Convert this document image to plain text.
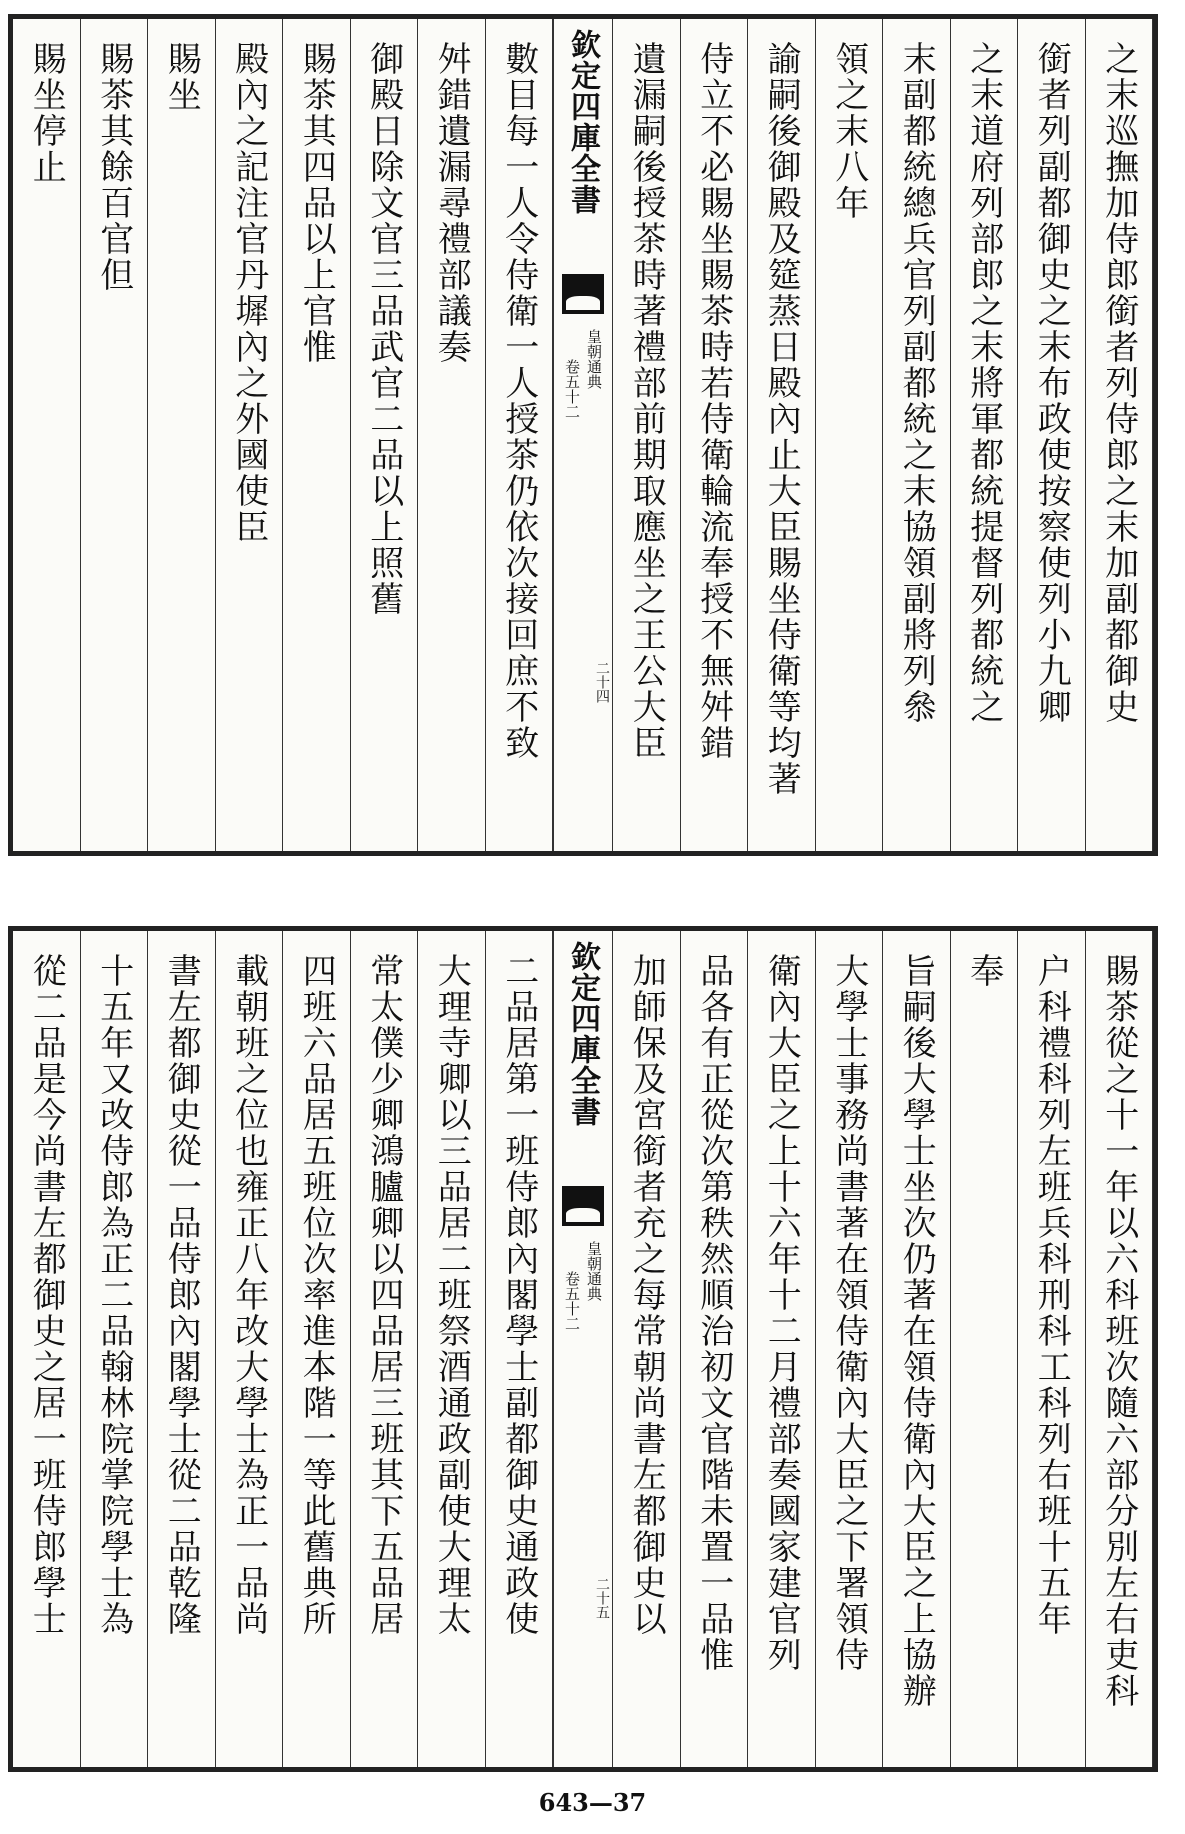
之末巡撫加侍郎銜者列侍郎之末加副都御史
銜者列副都御史之末布政使按察使列小九卿
之末道府列部郎之末將軍都統提督列都統之
末副都統總兵官列副都統之末協領副將列叅
領之末八年
諭嗣後御殿及筵蒸日殿內止大臣賜坐侍衛等均著
侍立不必賜坐賜茶時若侍衛輪流奉授不無舛錯
遺漏嗣後授茶時著禮部前期取應坐之王公大臣
欽定四庫全書
皇朝通典
卷五十二
二十四
數目每一人令侍衛一人授茶仍依次接回庶不致
舛錯遺漏尋禮部議奏
御殿日除文官三品武官二品以上照舊
賜茶其四品以上官惟
殿內之記注官丹墀內之外國使臣
賜坐
賜茶其餘百官但
賜坐停止
賜茶從之十一年以六科班次隨六部分別左右吏科
户科禮科列左班兵科刑科工科列右班十五年
奉
旨嗣後大學士坐次仍著在領侍衛內大臣之上協辦
大學士事務尚書著在領侍衛內大臣之下署領侍
衛內大臣之上十六年十二月禮部奏國家建官列
品各有正從次第秩然順治初文官階未置一品惟
加師保及宮銜者充之每常朝尚書左都御史以
欽定四庫全書
皇朝通典
卷五十二
二十五
二品居第一班侍郎內閣學士副都御史通政使
大理寺卿以三品居二班祭酒通政副使大理太
常太僕少卿鴻臚卿以四品居三班其下五品居
四班六品居五班位次率進本階一等此舊典所
載朝班之位也雍正八年改大學士為正一品尚
書左都御史從一品侍郎內閣學士從二品乾隆
十五年又改侍郎為正二品翰林院掌院學士為
從二品是今尚書左都御史之居一班侍郎學士
643—37
